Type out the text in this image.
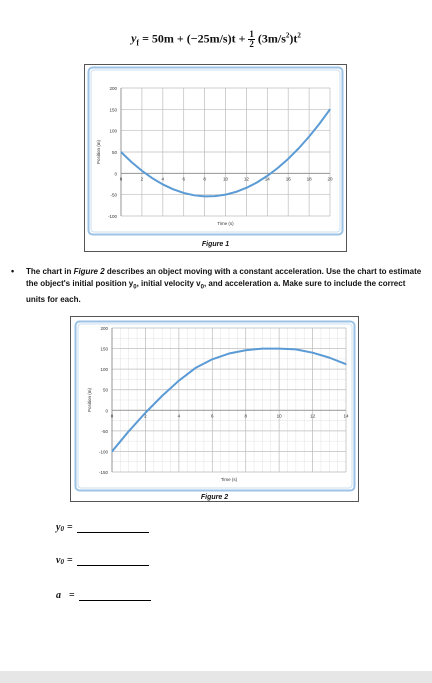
$y_f = 50m + (-25m/s)t + \frac{1}{2} (3m/s^2)t^2$
-100
-50
0
50
100
150
200
0	2	4	6	8	10	12	14	16	18	20
Time (s)
Position (m)
Figure 1
• The chart in Figure 2 describes an object moving with a constant acceleration. Use the chart to estimate the object's initial position $y_0$, initial velocity $v_0$, and acceleration a. Make sure to include the correct units for each.
-150
-100
-50
0
50
100
150
200
0	2	4	6	8	10	12	14
Time (s)
Position (m)
Figure 2
y 0 =
v 0 =
a =
